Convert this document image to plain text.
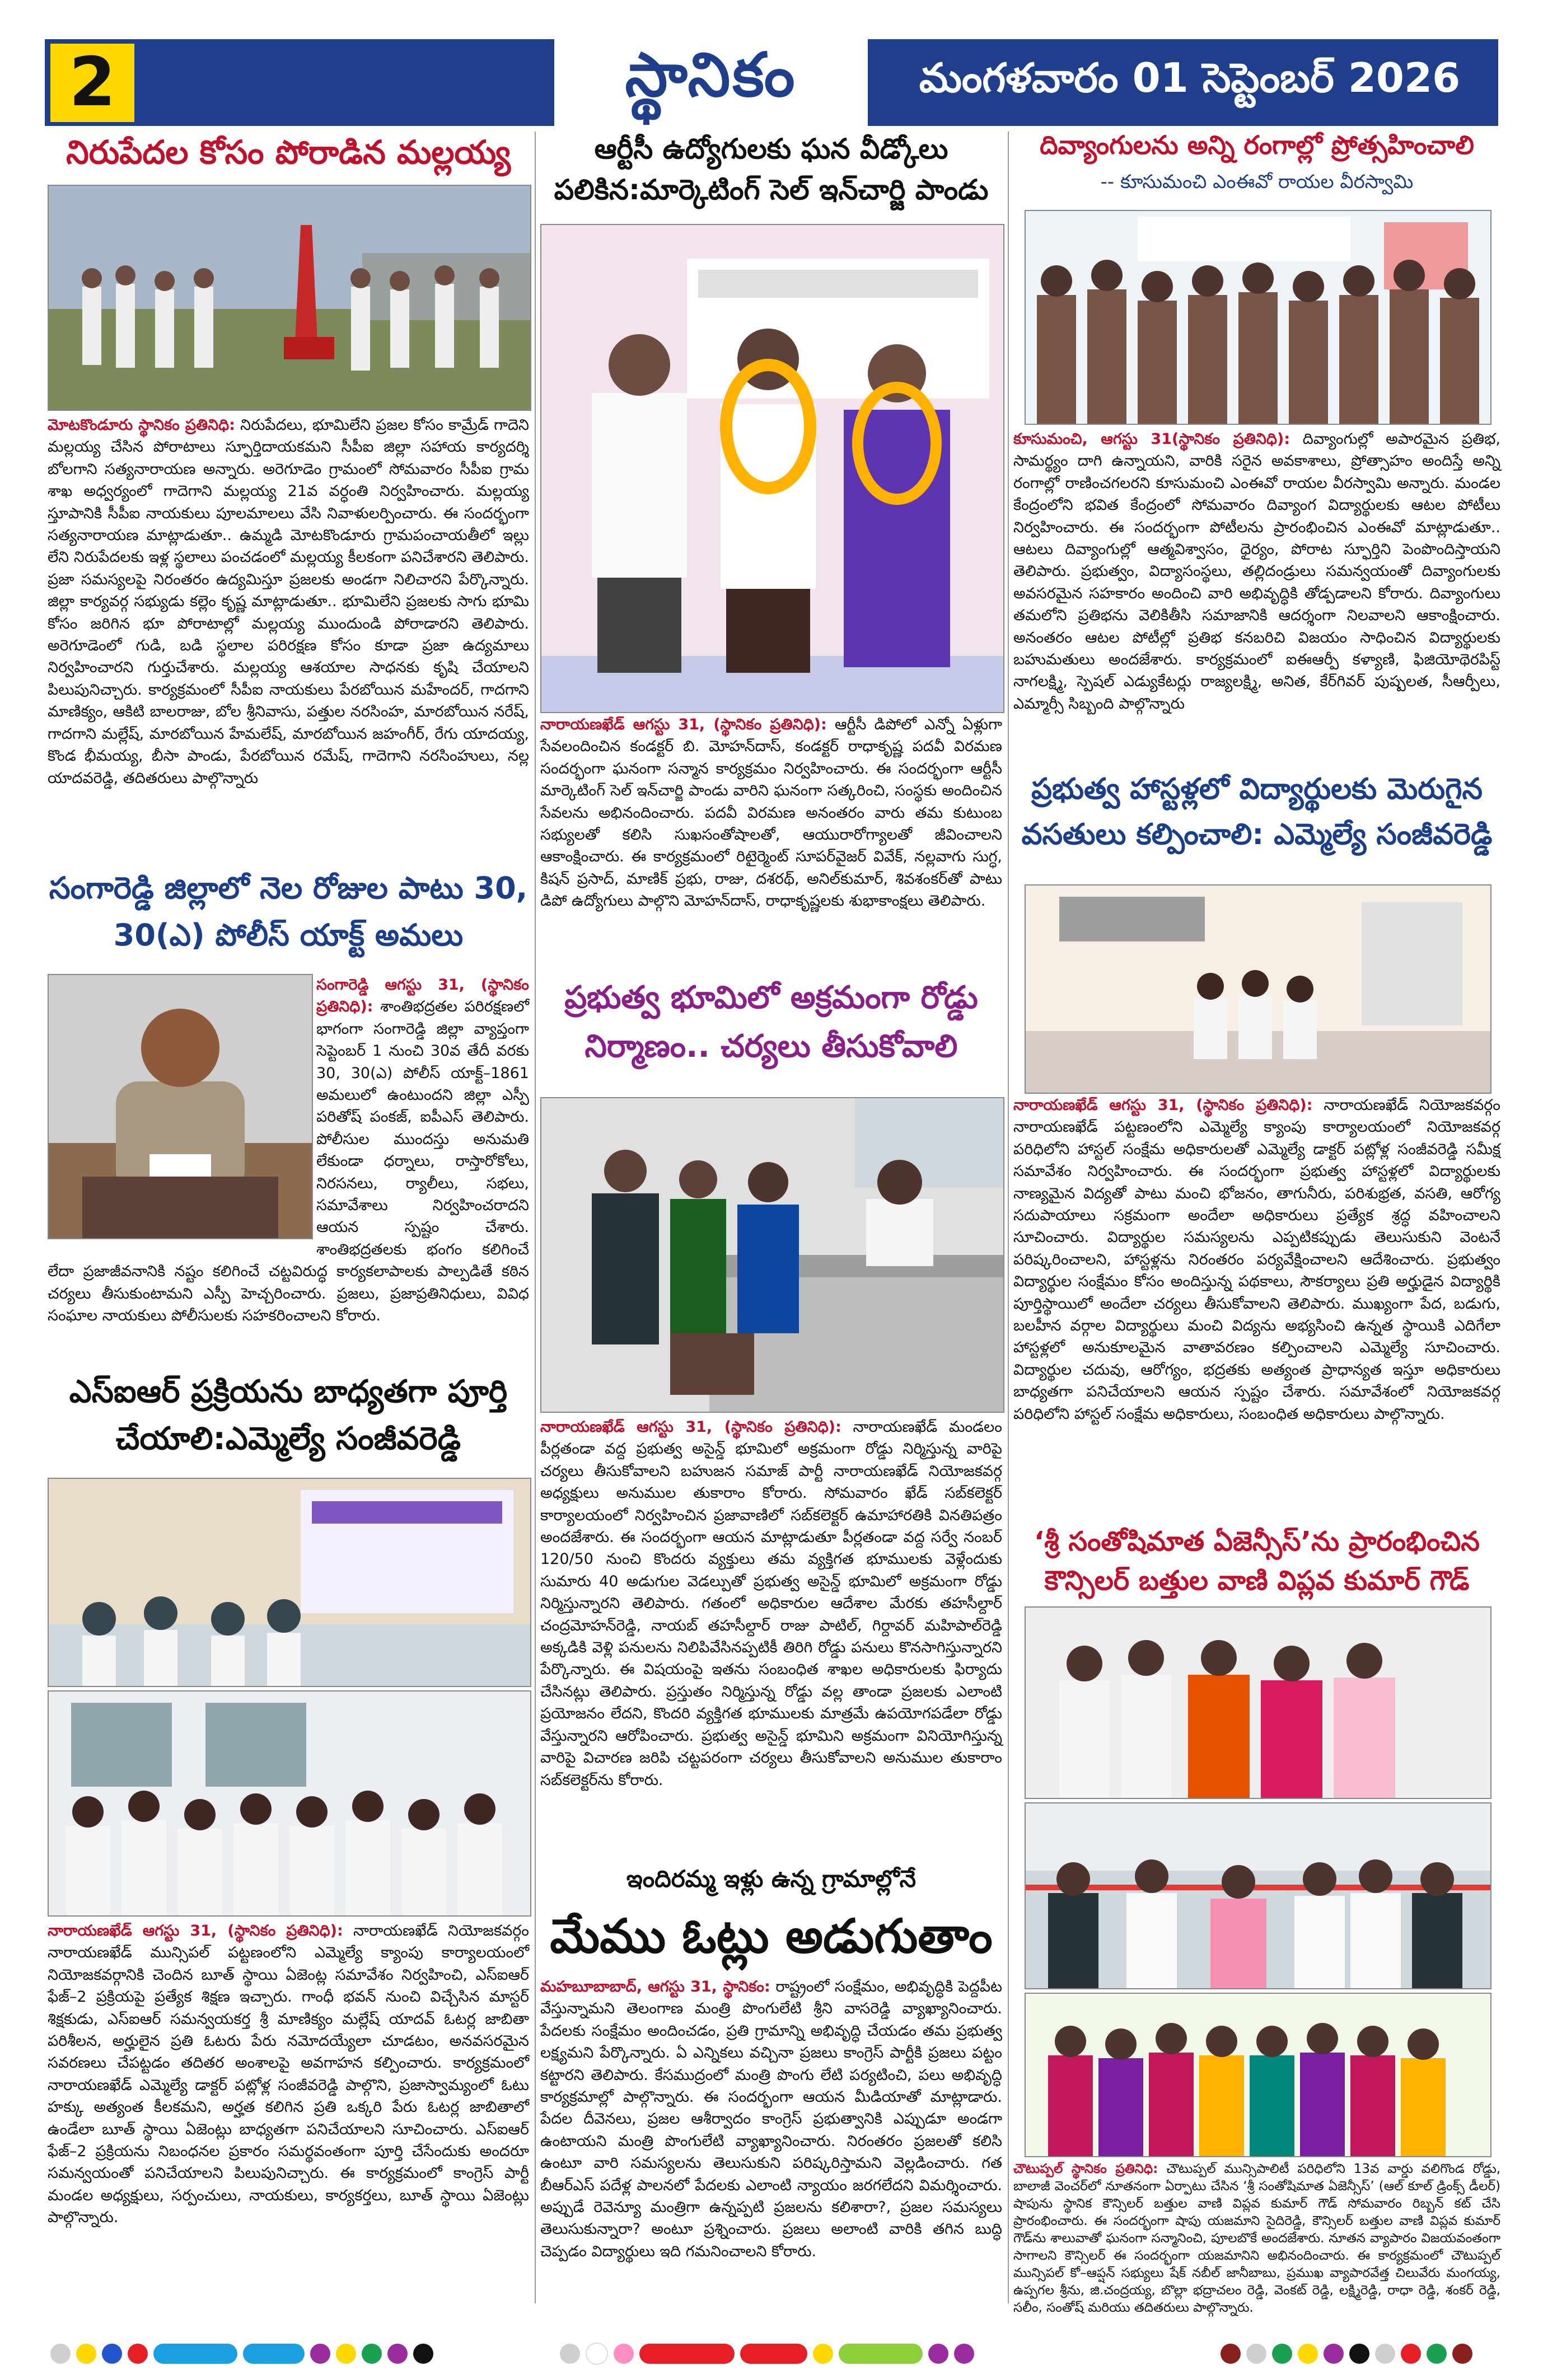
2	స్థానికం	మంగళవారం 01 సెప్టెంబర్ 2026
నిరుపేదల కోసం పోరాడిన మల్లయ్య
మోటకొండూరు స్థానికం ప్రతినిధి: నిరుపేదలు, భూమిలేని ప్రజల కోసం కామ్రేడ్ గాదెని మల్లయ్య చేసిన పోరాటాలు స్ఫూర్తిదాయకమని సీపీఐ జిల్లా సహాయ కార్యదర్శి బోలగాని సత్యనారాయణ అన్నారు. అరెగూడెం గ్రామంలో సోమవారం సీపీఐ గ్రామ శాఖ అధ్వర్యంలో గాదెగాని మల్లయ్య 21వ వర్ధంతి నిర్వహించారు. మల్లయ్య స్తూపానికి సీపీఐ నాయకులు పూలమాలలు వేసి నివాళులర్పించారు. ఈ సందర్భంగా సత్యనారాయణ మాట్లాడుతూ.. ఉమ్మడి మోటకొండూరు గ్రామపంచాయతీలో ఇల్లు లేని నిరుపేదలకు ఇళ్ల స్థలాలు పంచడంలో మల్లయ్య కీలకంగా పనిచేశారని తెలిపారు. ప్రజా సమస్యలపై నిరంతరం ఉద్యమిస్తూ ప్రజలకు అండగా నిలిచారని పేర్కొన్నారు. జిల్లా కార్యవర్గ సభ్యుడు కల్లెం కృష్ణ మాట్లాడుతూ.. భూమిలేని ప్రజలకు సాగు భూమి కోసం జరిగిన భూ పోరాటాల్లో మల్లయ్య ముందుండి పోరాడారని తెలిపారు. అరెగూడెంలో గుడి, బడి స్థలాల పరిరక్షణ కోసం కూడా ప్రజా ఉద్యమాలు నిర్వహించారని గుర్తుచేశారు. మల్లయ్య ఆశయాల సాధనకు కృషి చేయాలని పిలుపునిచ్చారు. కార్యక్రమంలో సీపీఐ నాయకులు పేరబోయిన మహేందర్, గాదగాని మాణిక్యం, ఆకిటి బాలరాజు, బోల శ్రీనివాసు, పత్తుల నరసింహ, మారబోయిన నరేష్, గాదగాని మల్లేష్, మారబోయిన హేమలేష్, మారబోయిన జహంగీర్, రేగు యాదయ్య, కొండ భీమయ్య, బీసా పాండు, పేరబోయిన రమేష్, గాదెగాని నరసింహులు, నల్ల యాదవరెడ్డి, తదితరులు పాల్గొన్నారు
సంగారెడ్డి జిల్లాలో నెల రోజుల పాటు 30, 30(ఎ) పోలీస్ యాక్ట్ అమలు
సంగారెడ్డి ఆగస్టు 31, (స్థానికం ప్రతినిధి): శాంతిభద్రతల పరిరక్షణలో భాగంగా సంగారెడ్డి జిల్లా వ్యాప్తంగా సెప్టెంబర్ 1 నుంచి 30వ తేదీ వరకు 30, 30(ఎ) పోలీస్ యాక్ట్–1861 అమలులో ఉంటుందని జిల్లా ఎస్పీ పరితోష్ పంకజ్, ఐపీఎస్ తెలిపారు. పోలీసుల ముందస్తు అనుమతి లేకుండా ధర్నాలు, రాస్తారోకోలు, నిరసనలు, ర్యాలీలు, సభలు, సమావేశాలు నిర్వహించరాదని ఆయన స్పష్టం చేశారు. శాంతిభద్రతలకు భంగం కలిగించే లేదా ప్రజాజీవనానికి నష్టం కలిగించే చట్టవిరుద్ధ కార్యకలాపాలకు పాల్పడితే కఠిన చర్యలు తీసుకుంటామని ఎస్పీ హెచ్చరించారు. ప్రజలు, ప్రజాప్రతినిధులు, వివిధ సంఘాల నాయకులు పోలీసులకు సహకరించాలని కోరారు.
ఎస్ఐఆర్ ప్రక్రియను బాధ్యతగా పూర్తి చేయాలి:ఎమ్మెల్యే సంజీవరెడ్డి
నారాయణఖేడ్ ఆగస్టు 31, (స్థానికం ప్రతినిధి): నారాయణఖేడ్ నియోజకవర్గం నారాయణఖేడ్ మున్సిపల్ పట్టణంలోని ఎమ్మెల్యే క్యాంపు కార్యాలయంలో నియోజకవర్గానికి చెందిన బూత్ స్థాయి ఏజెంట్ల సమావేశం నిర్వహించి, ఎస్ఐఆర్ ఫేజ్–2 ప్రక్రియపై ప్రత్యేక శిక్షణ ఇచ్చారు. గాంధీ భవన్ నుంచి విచ్చేసిన మాస్టర్ శిక్షకుడు, ఎస్ఐఆర్ సమన్వయకర్త శ్రీ మాణిక్యం మల్లేష్ యాదవ్ ఓటర్ల జాబితా పరిశీలన, అర్హులైన ప్రతి ఓటరు పేరు నమోదయ్యేలా చూడటం, అనవసరమైన సవరణలు చేపట్టడం తదితర అంశాలపై అవగాహన కల్పించారు. కార్యక్రమంలో నారాయణఖేడ్ ఎమ్మెల్యే డాక్టర్ పట్లోళ్ల సంజీవరెడ్డి పాల్గొని, ప్రజాస్వామ్యంలో ఓటు హక్కు అత్యంత కీలకమని, అర్హత కలిగిన ప్రతి ఒక్కరి పేరు ఓటర్ల జాబితాలో ఉండేలా బూత్ స్థాయి ఏజెంట్లు బాధ్యతగా పనిచేయాలని సూచించారు. ఎస్ఐఆర్ ఫేజ్–2 ప్రక్రియను నిబంధనల ప్రకారం సమర్థవంతంగా పూర్తి చేసేందుకు అందరూ సమన్వయంతో పనిచేయాలని పిలుపునిచ్చారు. ఈ కార్యక్రమంలో కాంగ్రెస్ పార్టీ మండల అధ్యక్షులు, సర్పంచులు, నాయకులు, కార్యకర్తలు, బూత్ స్థాయి ఏజెంట్లు పాల్గొన్నారు.
ఆర్టీసీ ఉద్యోగులకు ఘన వీడ్కోలు పలికిన:మార్కెటింగ్ సెల్ ఇన్‌చార్జి పాండు
నారాయణఖేడ్ ఆగస్టు 31, (స్థానికం ప్రతినిధి): ఆర్టీసీ డిపోలో ఎన్నో ఏళ్లుగా సేవలందించిన కండక్టర్ బి. మోహన్‌దాస్, కండక్టర్ రాధాకృష్ణ పదవీ విరమణ సందర్భంగా ఘనంగా సన్మాన కార్యక్రమం నిర్వహించారు. ఈ సందర్భంగా ఆర్టీసీ మార్కెటింగ్ సెల్ ఇన్‌చార్జి పాండు వారిని ఘనంగా సత్కరించి, సంస్థకు అందించిన సేవలను అభినందించారు. పదవీ విరమణ అనంతరం వారు తమ కుటుంబ సభ్యులతో కలిసి సుఖసంతోషాలతో, ఆయురారోగ్యాలతో జీవించాలని ఆకాంక్షించారు. ఈ కార్యక్రమంలో రిటైర్మెంట్ సూపర్‌వైజర్ వివేక్, నల్లవాగు సుగ్ధ, కిషన్ ప్రసాద్, మాణిక్ ప్రభు, రాజు, దశరథ్, అనిల్‌కుమార్, శివశంకర్‌తో పాటు డిపో ఉద్యోగులు పాల్గొని మోహన్‌దాస్, రాధాకృష్ణలకు శుభాకాంక్షలు తెలిపారు.
ప్రభుత్వ భూమిలో అక్రమంగా రోడ్డు నిర్మాణం.. చర్యలు తీసుకోవాలి
నారాయణఖేడ్ ఆగస్టు 31, (స్థానికం ప్రతినిధి): నారాయణఖేడ్ మండలం పీర్లతండా వద్ద ప్రభుత్వ అసైన్డ్ భూమిలో అక్రమంగా రోడ్డు నిర్మిస్తున్న వారిపై చర్యలు తీసుకోవాలని బహుజన సమాజ్ పార్టీ నారాయణఖేడ్ నియోజకవర్గ అధ్యక్షులు అనుముల తుకారాం కోరారు. సోమవారం ఖేడ్ సబ్‌కలెక్టర్ కార్యాలయంలో నిర్వహించిన ప్రజావాణిలో సబ్‌కలెక్టర్ ఉమాహారతికి వినతిపత్రం అందజేశారు. ఈ సందర్భంగా ఆయన మాట్లాడుతూ పీర్లతండా వద్ద సర్వే నంబర్ 120/50 నుంచి కొందరు వ్యక్తులు తమ వ్యక్తిగత భూములకు వెళ్లేందుకు సుమారు 40 అడుగుల వెడల్పుతో ప్రభుత్వ అసైన్డ్ భూమిలో అక్రమంగా రోడ్డు నిర్మిస్తున్నారని తెలిపారు. గతంలో అధికారుల ఆదేశాల మేరకు తహసీల్దార్ చంద్రమోహన్‌రెడ్డి, నాయబ్ తహసీల్దార్ రాజు పాటిల్, గిర్దావర్ మహిపాల్‌రెడ్డి అక్కడికి వెళ్లి పనులను నిలిపివేసినప్పటికీ తిరిగి రోడ్డు పనులు కొనసాగిస్తున్నారని పేర్కొన్నారు. ఈ విషయంపై ఇతను సంబంధిత శాఖల అధికారులకు ఫిర్యాదు చేసినట్లు తెలిపారు. ప్రస్తుతం నిర్మిస్తున్న రోడ్డు వల్ల తాండా ప్రజలకు ఎలాంటి ప్రయోజనం లేదని, కొందరి వ్యక్తిగత భూములకు మాత్రమే ఉపయోగపడేలా రోడ్డు వేస్తున్నారని ఆరోపించారు. ప్రభుత్వ అసైన్డ్ భూమిని అక్రమంగా వినియోగిస్తున్న వారిపై విచారణ జరిపి చట్టపరంగా చర్యలు తీసుకోవాలని అనుముల తుకారాం సబ్‌కలెక్టర్‌ను కోరారు.
ఇందిరమ్మ ఇళ్లు ఉన్న గ్రామాల్లోనే
మేము ఓట్లు అడుగుతాం
మహబూబాబాద్, ఆగస్టు 31, స్థానికం: రాష్ట్రంలో సంక్షేమం, అభివృద్ధికి పెద్దపీట వేస్తున్నామని తెలంగాణ మంత్రి పొంగులేటి శ్రీని వాసరెడ్డి వ్యాఖ్యానించారు. పేదలకు సంక్షేమం అందించడం, ప్రతి గ్రామాన్ని అభివృద్ధి చేయడం తమ ప్రభుత్వ లక్ష్యమని పేర్కొన్నారు. ఏ ఎన్నికలు వచ్చినా ప్రజలు కాంగ్రెస్ పార్టీకి ప్రజలు పట్టం కట్టారని తెలిపారు. కేసముద్రంలో మంత్రి పొంగు లేటి పర్యటించి, పలు అభివృద్ధి కార్యక్రమాల్లో పాల్గొన్నారు. ఈ సందర్భంగా ఆయన మీడియాతో మాట్లాడారు. పేదల దీవెనలు, ప్రజల ఆశీర్వాదం కాంగ్రెస్ ప్రభుత్వానికి ఎప్పుడూ అండగా ఉంటాయని మంత్రి పొంగులేటి వ్యాఖ్యానించారు. నిరంతరం ప్రజలతో కలిసి ఉంటూ వారి సమస్యలను తెలుసుకుని పరిష్కరిస్తామని వెల్లడించారు. గత బీఆర్ఎస్ పదేళ్ల పాలనలో పేదలకు ఎలాంటి న్యాయం జరగలేదని విమర్శించారు. అప్పుడే రెవెన్యూ మంత్రిగా ఉన్నప్పటి ప్రజలను కలిశారా?, ప్రజల సమస్యలు తెలుసుకున్నారా? అంటూ ప్రశ్నించారు. ప్రజలు అలాంటి వారికి తగిన బుద్ధి చెప్పడం విద్యార్థులు ఇది గమనించాలని కోరారు.
దివ్యాంగులను అన్ని రంగాల్లో ప్రోత్సహించాలి
-- కూసుమంచి ఎంఈవో రాయల వీరస్వామి
కూసుమంచి, ఆగస్టు 31(స్థానికం ప్రతినిధి): దివ్యాంగుల్లో అపారమైన ప్రతిభ, సామర్థ్యం దాగి ఉన్నాయని, వారికి సరైన అవకాశాలు, ప్రోత్సాహం అందిస్తే అన్ని రంగాల్లో రాణించగలరని కూసుమంచి ఎంఈవో రాయల వీరస్వామి అన్నారు. మండల కేంద్రంలోని భవిత కేంద్రంలో సోమవారం దివ్యాంగ విద్యార్థులకు ఆటల పోటీలు నిర్వహించారు. ఈ సందర్భంగా పోటీలను ప్రారంభించిన ఎంఈవో మాట్లాడుతూ.. ఆటలు దివ్యాంగుల్లో ఆత్మవిశ్వాసం, ధైర్యం, పోరాట స్ఫూర్తిని పెంపొందిస్తాయని తెలిపారు. ప్రభుత్వం, విద్యాసంస్థలు, తల్లిదండ్రులు సమన్వయంతో దివ్యాంగులకు అవసరమైన సహకారం అందించి వారి అభివృద్ధికి తోడ్పడాలని కోరారు. దివ్యాంగులు తమలోని ప్రతిభను వెలికితీసి సమాజానికి ఆదర్శంగా నిలవాలని ఆకాంక్షించారు. అనంతరం ఆటల పోటీల్లో ప్రతిభ కనబరిచి విజయం సాధించిన విద్యార్థులకు బహుమతులు అందజేశారు. కార్యక్రమంలో ఐఈఆర్పీ కళ్యాణి, ఫిజియోథెరపిస్ట్ నాగలక్ష్మి, స్పెషల్ ఎడ్యుకేటర్లు రాజ్యలక్ష్మి, అనిత, కేర్‌గివర్ పుష్పలత, సీఆర్పీలు, ఎమ్మార్సీ సిబ్బంది పాల్గొన్నారు
ప్రభుత్వ హాస్టళ్లలో విద్యార్థులకు మెరుగైన వసతులు కల్పించాలి: ఎమ్మెల్యే సంజీవరెడ్డి
నారాయణఖేడ్ ఆగస్టు 31, (స్థానికం ప్రతినిధి): నారాయణఖేడ్ నియోజకవర్గం నారాయణఖేడ్ పట్టణంలోని ఎమ్మెల్యే క్యాంపు కార్యాలయంలో నియోజకవర్గ పరిధిలోని హాస్టల్ సంక్షేమ అధికారులతో ఎమ్మెల్యే డాక్టర్ పట్లోళ్ల సంజీవరెడ్డి సమీక్ష సమావేశం నిర్వహించారు. ఈ సందర్భంగా ప్రభుత్వ హాస్టళ్లలో విద్యార్థులకు నాణ్యమైన విద్యతో పాటు మంచి భోజనం, తాగునీరు, పరిశుభ్రత, వసతి, ఆరోగ్య సదుపాయాలు సక్రమంగా అందేలా అధికారులు ప్రత్యేక శ్రద్ధ వహించాలని సూచించారు. విద్యార్థుల సమస్యలను ఎప్పటికప్పుడు తెలుసుకుని వెంటనే పరిష్కరించాలని, హాస్టళ్లను నిరంతరం పర్యవేక్షించాలని ఆదేశించారు. ప్రభుత్వం విద్యార్థుల సంక్షేమం కోసం అందిస్తున్న పథకాలు, సౌకర్యాలు ప్రతి అర్హుడైన విద్యార్థికి పూర్తిస్థాయిలో అందేలా చర్యలు తీసుకోవాలని తెలిపారు. ముఖ్యంగా పేద, బడుగు, బలహీన వర్గాల విద్యార్థులు మంచి విద్యను అభ్యసించి ఉన్నత స్థాయికి ఎదిగేలా హాస్టళ్లలో అనుకూలమైన వాతావరణం కల్పించాలని ఎమ్మెల్యే సూచించారు. విద్యార్థుల చదువు, ఆరోగ్యం, భద్రతకు అత్యంత ప్రాధాన్యత ఇస్తూ అధికారులు బాధ్యతగా పనిచేయాలని ఆయన స్పష్టం చేశారు. సమావేశంలో నియోజకవర్గ పరిధిలోని హాస్టల్ సంక్షేమ అధికారులు, సంబంధిత అధికారులు పాల్గొన్నారు.
‘శ్రీ సంతోషిమాత ఏజెన్సీస్’ను ప్రారంభించిన కౌన్సిలర్ బత్తుల వాణి విప్లవ కుమార్ గౌడ్
చౌటుప్పల్ స్థానికం ప్రతినిధి: చౌటుప్పల్ మున్సిపాలిటీ పరిధిలోని 13వ వార్డు వలిగొండ రోడ్డు, బాలాజీ వెంచర్‌లో నూతనంగా ఏర్పాటు చేసిన ‘శ్రీ సంతోషిమాత ఏజెన్సీస్’ (ఆల్ కూల్ డ్రింక్స్ డీలర్) షాపును స్థానిక కౌన్సిలర్ బత్తుల వాణి విప్లవ కుమార్ గౌడ్ సోమవారం రిబ్బన్ కట్ చేసి ప్రారంభించారు. ఈ సందర్భంగా షాపు యజమాని సైదిరెడ్డి, కౌన్సిలర్ బత్తుల వాణి విప్లవ కుమార్ గౌడ్‌ను శాలువాతో ఘనంగా సన్మానించి, పూలబొకే అందజేశారు. నూతన వ్యాపారం విజయవంతంగా సాగాలని కౌన్సిలర్ ఈ సందర్భంగా యజమానిని అభినందించారు. ఈ కార్యక్రమంలో చౌటుప్పల్ మున్సిపల్ కో–ఆప్షన్ సభ్యులు షేక్ నబీల్ జానీబాబు, ప్రముఖ వ్యాపారవేత్త చిలువేరు మంగయ్య, ఉప్పగల శ్రీను, జి.చంద్రయ్య, బొల్లా భద్రాచలం రెడ్డి, వెంకట్ రెడ్డి, లక్ష్మిరెడ్డి, రాధా రెడ్డి, శంకర్ రెడ్డి, సలీం, సంతోష్ మరియు తదితరులు పాల్గొన్నారు.
